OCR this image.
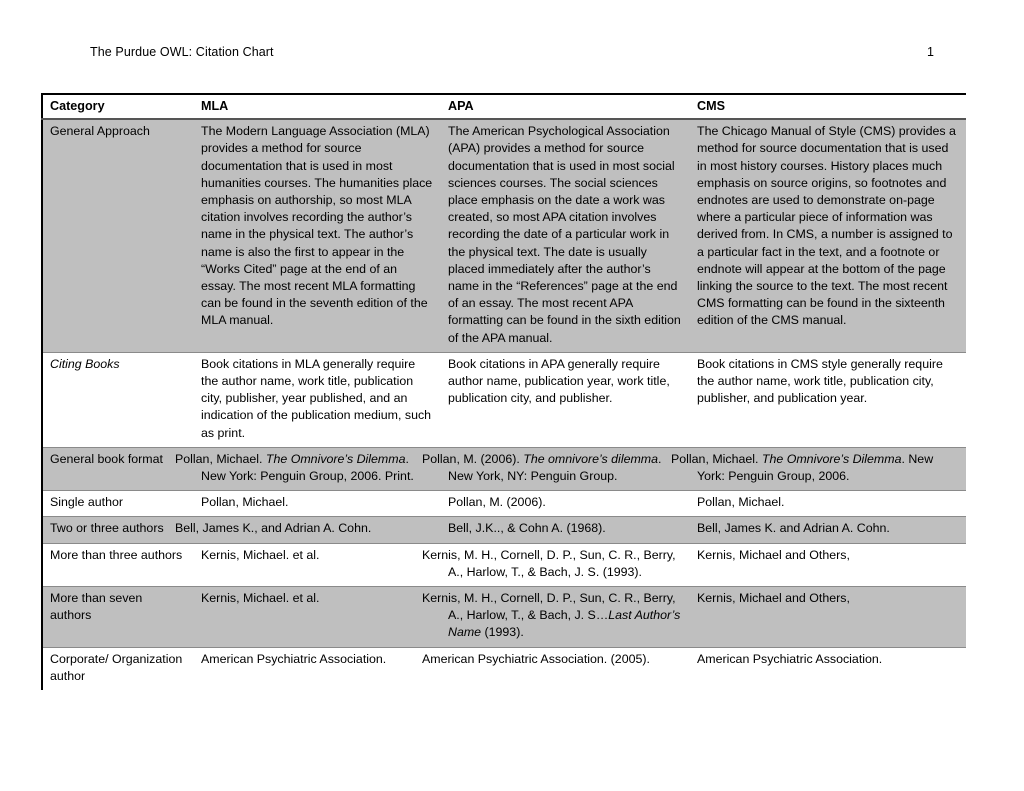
The Purdue OWL: Citation Chart	1
Category	MLA	APA	CMS
General Approach	The Modern Language Association (MLA) provides a method for source documentation that is used in most humanities courses. The humanities place emphasis on authorship, so most MLA citation involves recording the author’s name in the physical text. The author’s name is also the first to appear in the “Works Cited” page at the end of an essay. The most recent MLA formatting can be found in the seventh edition of the MLA manual.	The American Psychological Association (APA) provides a method for source documentation that is used in most social sciences courses. The social sciences place emphasis on the date a work was created, so most APA citation involves recording the date of a particular work in the physical text. The date is usually placed immediately after the author’s name in the “References” page at the end of an essay. The most recent APA formatting can be found in the sixth edition of the APA manual.	The Chicago Manual of Style (CMS) provides a method for source documentation that is used in most history courses. History places much emphasis on source origins, so footnotes and endnotes are used to demonstrate on-page where a particular piece of information was derived from. In CMS, a number is assigned to a particular fact in the text, and a footnote or endnote will appear at the bottom of the page linking the source to the text. The most recent CMS formatting can be found in the sixteenth edition of the CMS manual.
Citing Books	Book citations in MLA generally require the author name, work title, publication city, publisher, year published, and an indication of the publication medium, such as print.	Book citations in APA generally require author name, publication year, work title, publication city, and publisher.	Book citations in CMS style generally require the author name, work title, publication city, publisher, and publication year.
General book format	Pollan, Michael. The Omnivore’s Dilemma. New York: Penguin Group, 2006. Print.	Pollan, M. (2006). The omnivore’s dilemma. New York, NY: Penguin Group.	Pollan, Michael. The Omnivore’s Dilemma. New York: Penguin Group, 2006.
Single author	Pollan, Michael.	Pollan, M. (2006).	Pollan, Michael.
Two or three authors	Bell, James K., and Adrian A. Cohn.	Bell, J.K.., & Cohn A. (1968).	Bell, James K. and Adrian A. Cohn.
More than three authors	Kernis, Michael. et al.	Kernis, M. H., Cornell, D. P., Sun, C. R., Berry, A., Harlow, T., & Bach, J. S. (1993).	Kernis, Michael and Others,
More than seven authors	Kernis, Michael. et al.	Kernis, M. H., Cornell, D. P., Sun, C. R., Berry, A., Harlow, T., & Bach, J. S…Last Author’s Name (1993).	Kernis, Michael and Others,
Corporate/ Organization author	American Psychiatric Association.	American Psychiatric Association. (2005).	American Psychiatric Association.
